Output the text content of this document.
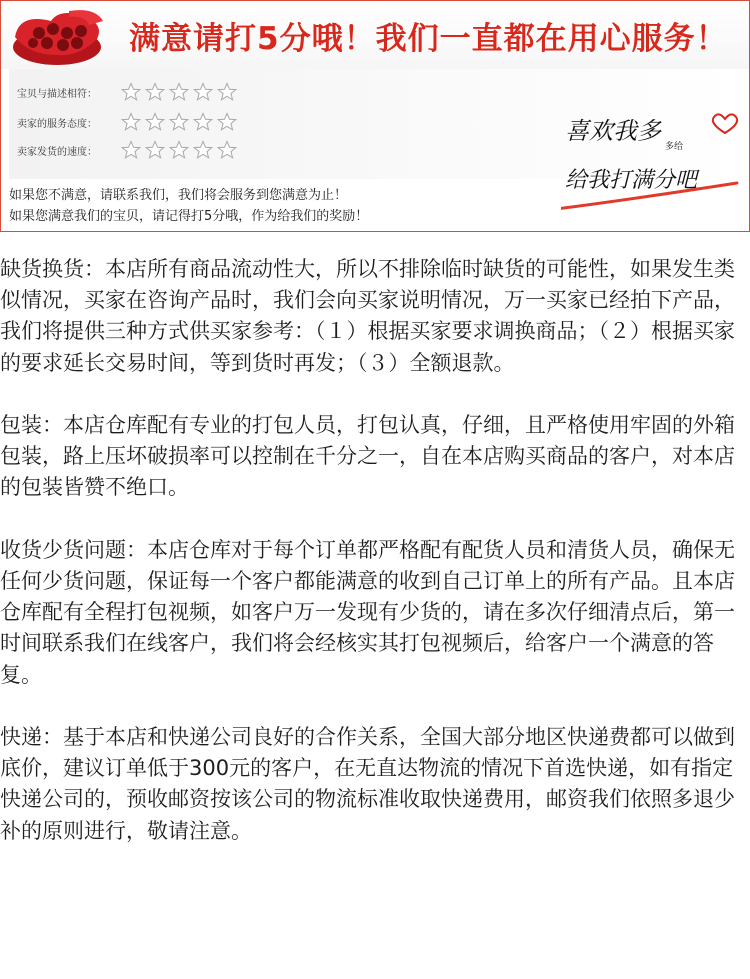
满意请打5分哦！我们一直都在用心服务！
宝贝与描述相符：
卖家的服务态度：
卖家发货的速度：
喜欢我多
多给
给我打满分吧
如果您不满意，请联系我们，我们将会服务到您满意为止！
如果您满意我们的宝贝，请记得打5分哦，作为给我们的奖励！

缺货换货：本店所有商品流动性大，所以不排除临时缺货的可能性，如果发生类似情况，买家在咨询产品时，我们会向买家说明情况，万一买家已经拍下产品，我们将提供三种方式供买家参考：（１）根据买家要求调换商品；（２）根据买家的要求延长交易时间，等到货时再发；（３）全额退款。

包装：本店仓库配有专业的打包人员，打包认真，仔细，且严格使用牢固的外箱包装，路上压坏破损率可以控制在千分之一，自在本店购买商品的客户，对本店的包装皆赞不绝口。

收货少货问题：本店仓库对于每个订单都严格配有配货人员和清货人员，确保无任何少货问题，保证每一个客户都能满意的收到自己订单上的所有产品。且本店仓库配有全程打包视频，如客户万一发现有少货的，请在多次仔细清点后，第一时间联系我们在线客户，我们将会经核实其打包视频后，给客户一个满意的答复。

快递：基于本店和快递公司良好的合作关系，全国大部分地区快递费都可以做到底价，建议订单低于300元的客户，在无直达物流的情况下首选快递，如有指定快递公司的，预收邮资按该公司的物流标准收取快递费用，邮资我们依照多退少补的原则进行，敬请注意。
